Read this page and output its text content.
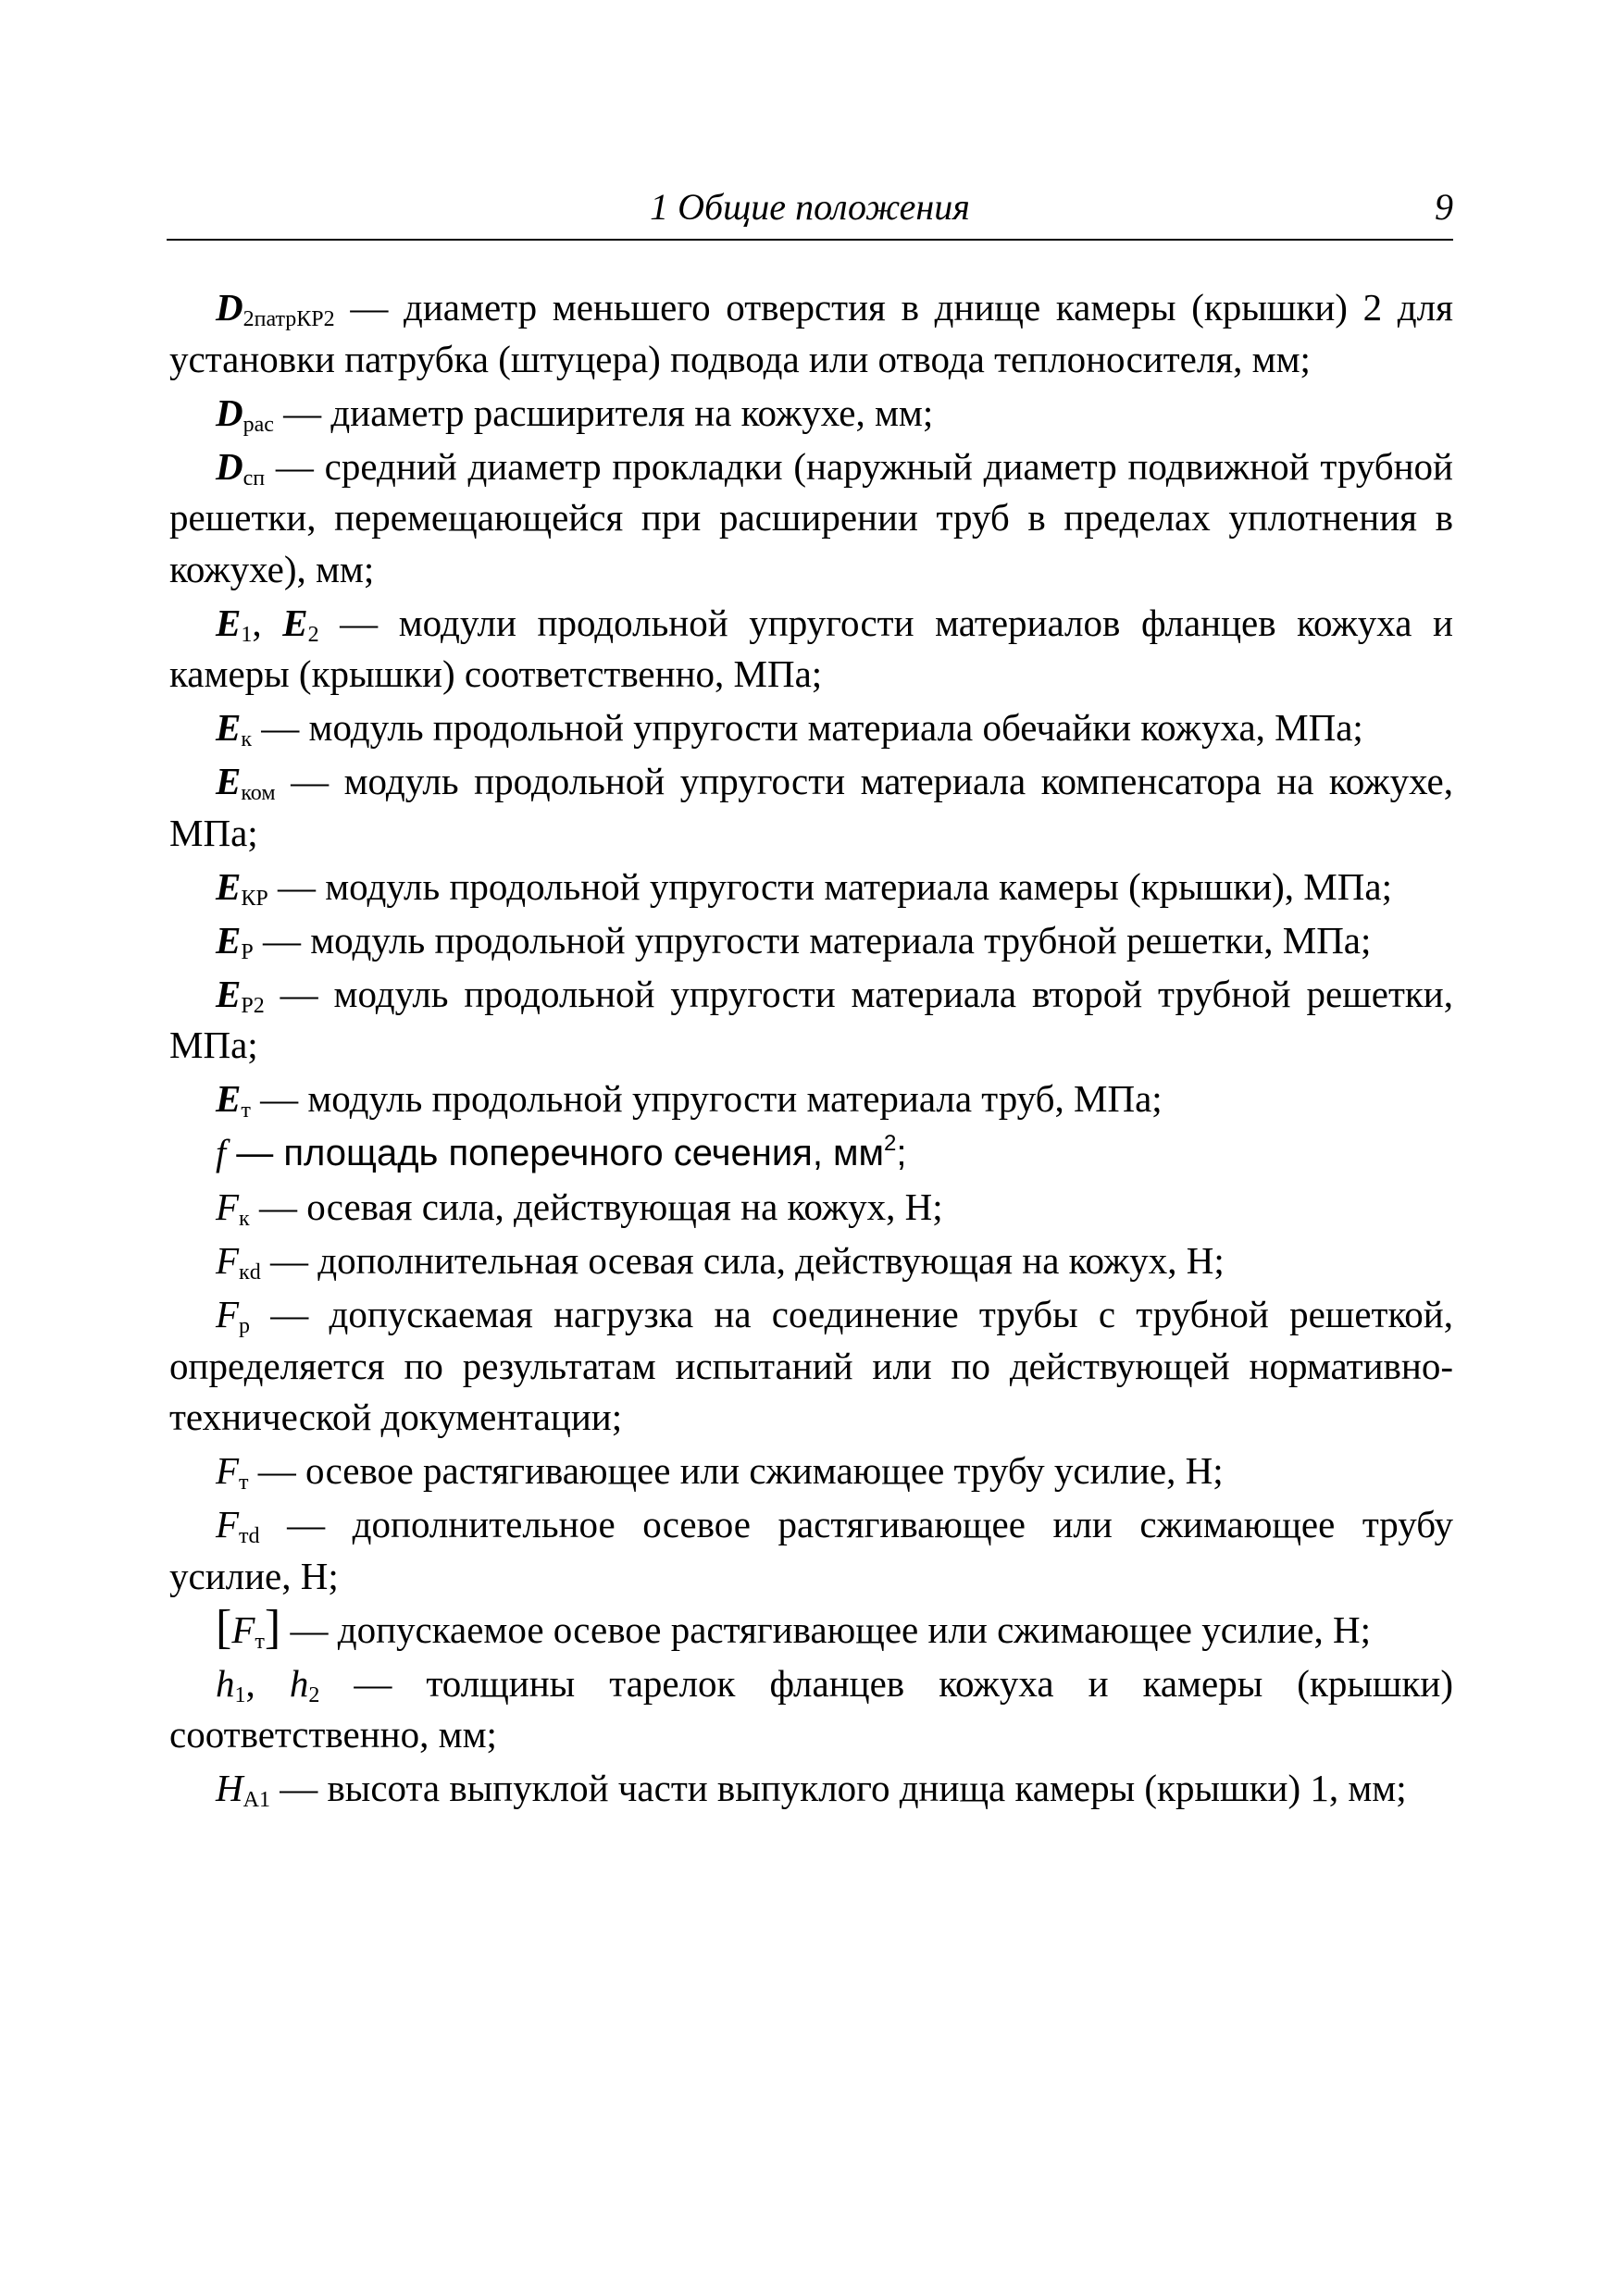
1 Общие положения	9

$D_{2патрКР2}$ — диаметр меньшего отверстия в днище камеры (крышки) 2 для установки патрубка (штуцера) подвода или отвода теплоносителя, мм;

$D_{рас}$ — диаметр расширителя на кожухе, мм;

$D_{сп}$ — средний диаметр прокладки (наружный диаметр подвижной трубной решетки, перемещающейся при расширении труб в пределах уплотнения в кожухе), мм;

$E_1$, $E_2$ — модули продольной упругости материалов фланцев кожуха и камеры (крышки) соответственно, МПа;

$E_к$ — модуль продольной упругости материала обечайки кожуха, МПа;

$E_{ком}$ — модуль продольной упругости материала компенсатора на кожухе, МПа;

$E_{КР}$ — модуль продольной упругости материала камеры (крышки), МПа;

$E_Р$ — модуль продольной упругости материала трубной решетки, МПа;

$E_{Р2}$ — модуль продольной упругости материала второй трубной решетки, МПа;

$E_т$ — модуль продольной упругости материала труб, МПа;

f — площадь поперечного сечения, $мм^2$;

$F_к$ — осевая сила, действующая на кожух, Н;

$F_{кd}$ — дополнительная осевая сила, действующая на кожух, Н;

$F_р$ — допускаемая нагрузка на соединение трубы с трубной решеткой, определяется по результатам испытаний или по действующей нормативно-технической документации;

$F_т$ — осевое растягивающее или сжимающее трубу усилие, Н;

$F_{тd}$ — дополнительное осевое растягивающее или сжимающее трубу усилие, Н;

$[F_т]$ — допускаемое осевое растягивающее или сжимающее усилие, Н;

$h_1$, $h_2$ — толщины тарелок фланцев кожуха и камеры (крышки) соответственно, мм;

$H_{А1}$ — высота выпуклой части выпуклого днища камеры (крышки) 1, мм;
